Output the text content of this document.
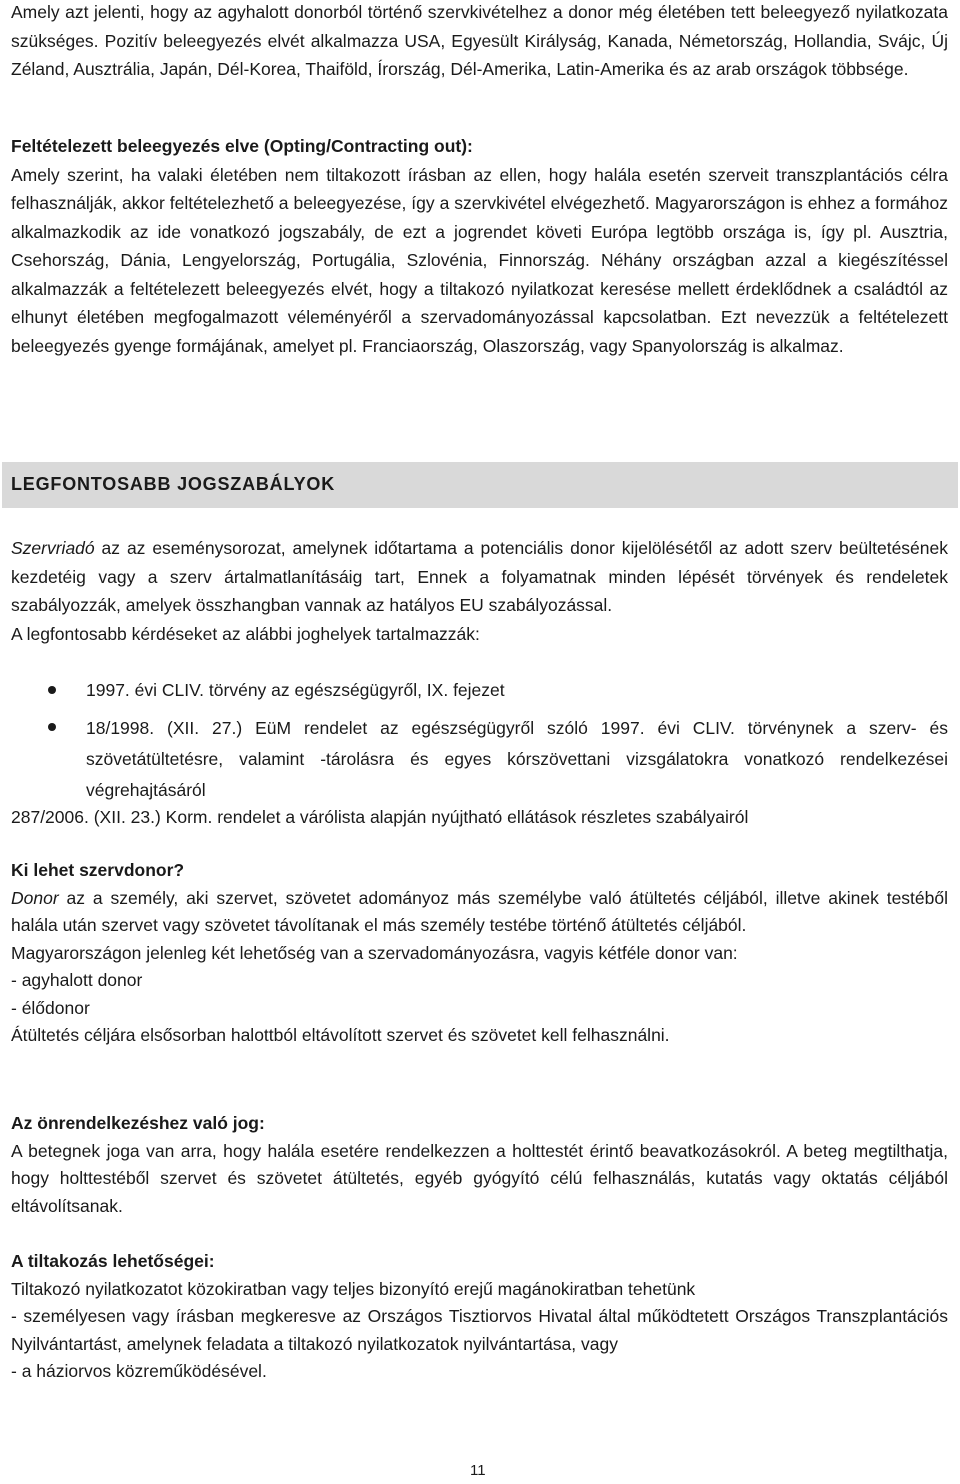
Amely azt jelenti, hogy az agyhalott donorból történő szervkivételhez a donor még életében tett beleegyező nyilatkozata szükséges. Pozitív beleegyezés elvét alkalmazza USA, Egyesült Királyság, Kanada, Németország, Hollandia, Svájc, Új Zéland, Ausztrália, Japán, Dél-Korea, Thaiföld, Írország, Dél-Amerika, Latin-Amerika és az arab országok többsége.

Feltételezett beleegyezés elve (Opting/Contracting out):
Amely szerint, ha valaki életében nem tiltakozott írásban az ellen, hogy halála esetén szerveit transzplantációs célra felhasználják, akkor feltételezhető a beleegyezése, így a szervkivétel elvégezhető. Magyarországon is ehhez a formához alkalmazkodik az ide vonatkozó jogszabály, de ezt a jogrendet követi Európa legtöbb országa is, így pl. Ausztria, Csehország, Dánia, Lengyelország, Portugália, Szlovénia, Finnország. Néhány országban azzal a kiegészítéssel alkalmazzák a feltételezett beleegyezés elvét, hogy a tiltakozó nyilatkozat keresése mellett érdeklődnek a családtól az elhunyt életében megfogalmazott véleményéről a szervadományozással kapcsolatban. Ezt nevezzük a feltételezett beleegyezés gyenge formájának, amelyet pl. Franciaország, Olaszország, vagy Spanyolország is alkalmaz.
LEGFONTOSABB JOGSZABÁLYOK
Szervriadó az az eseménysorozat, amelynek időtartama a potenciális donor kijelölésétől az adott szerv beültetésének kezdetéig vagy a szerv ártalmatlanításáig tart, Ennek a folyamatnak minden lépését törvények és rendeletek szabályozzák, amelyek összhangban vannak az hatályos EU szabályozással.
A legfontosabb kérdéseket az alábbi joghelyek tartalmazzák:
1997. évi CLIV. törvény az egészségügyről, IX. fejezet
18/1998. (XII. 27.) EüM rendelet az egészségügyről szóló 1997. évi CLIV. törvénynek a szerv- és szövetátültetésre, valamint -tárolásra és egyes kórszövettani vizsgálatokra vonatkozó rendelkezései végrehajtásáról

287/2006. (XII. 23.) Korm. rendelet a várólista alapján nyújtható ellátások részletes szabályairól

Ki lehet szervdonor?
Donor az a személy, aki szervet, szövetet adományoz más személybe való átültetés céljából, illetve akinek testéből halála után szervet vagy szövetet távolítanak el más személy testébe történő átültetés céljából.
Magyarországon jelenleg két lehetőség van a szervadományozásra, vagyis kétféle donor van:
- agyhalott donor
- élődonor
Átültetés céljára elsősorban halottból eltávolított szervet és szövetet kell felhasználni.
Az önrendelkezéshez való jog:
A betegnek joga van arra, hogy halála esetére rendelkezzen a holttestét érintő beavatkozásokról. A beteg megtilthatja, hogy holttestéből szervet és szövetet átültetés, egyéb gyógyító célú felhasználás, kutatás vagy oktatás céljából eltávolítsanak.
A tiltakozás lehetőségei:
Tiltakozó nyilatkozatot közokiratban vagy teljes bizonyító erejű magánokiratban tehetünk
- személyesen vagy írásban megkeresve az Országos Tisztiorvos Hivatal által működtetett Országos Transzplantációs Nyilvántartást, amelynek feladata a tiltakozó nyilatkozatok nyilvántartása, vagy
- a háziorvos közreműködésével.
11
